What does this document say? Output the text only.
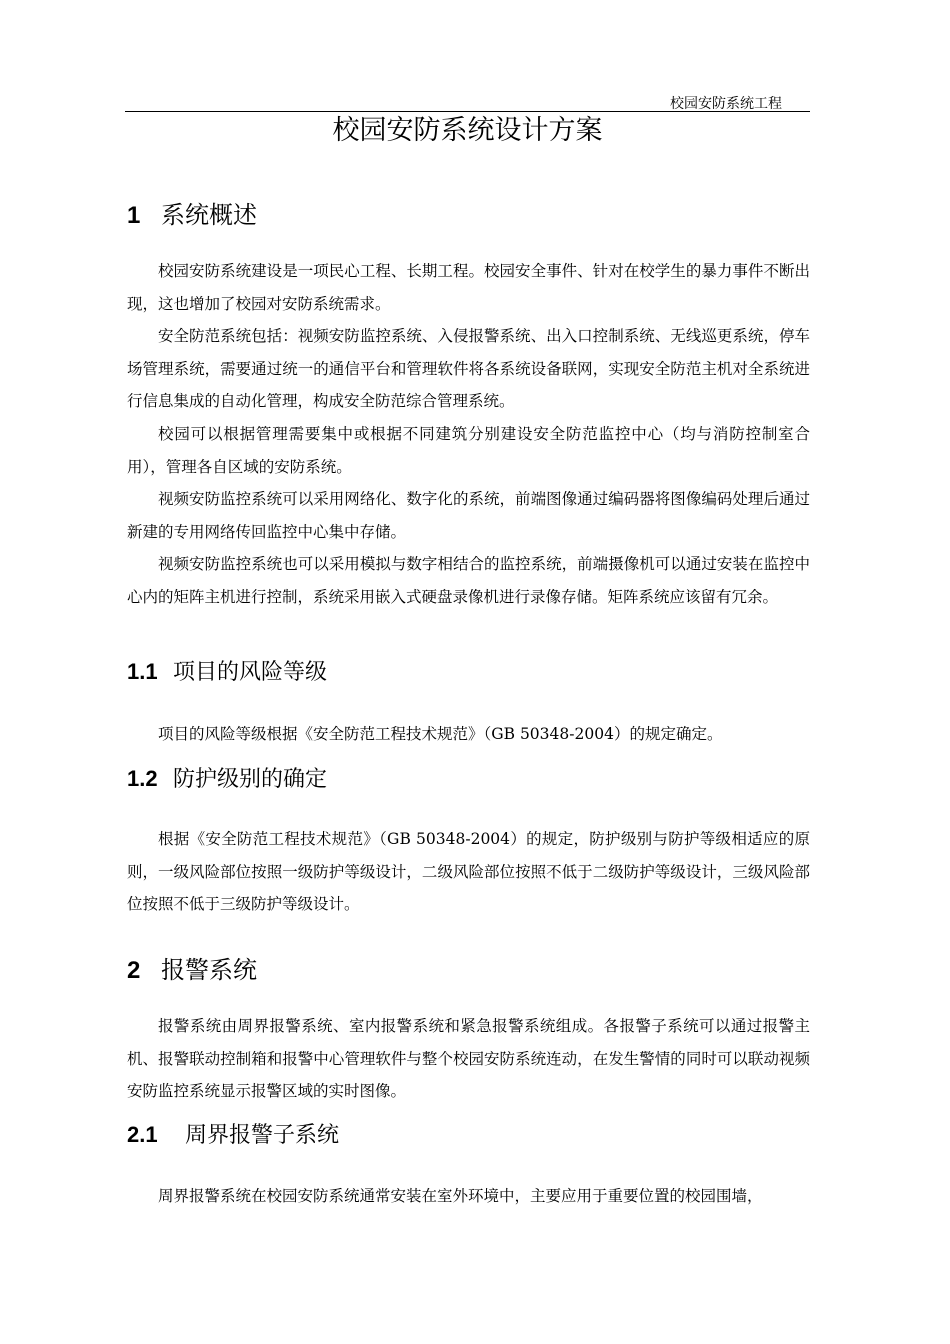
校园安防系统工程
校园安防系统设计方案
1 系统概述
校园安防系统建设是一项民心工程、长期工程。校园安全事件、针对在校学生的暴力事件不断出现，这也增加了校园对安防系统需求。
安全防范系统包括：视频安防监控系统、入侵报警系统、出入口控制系统、无线巡更系统，停车场管理系统，需要通过统一的通信平台和管理软件将各系统设备联网，实现安全防范主机对全系统进行信息集成的自动化管理，构成安全防范综合管理系统。
校园可以根据管理需要集中或根据不同建筑分别建设安全防范监控中心（均与消防控制室合用），管理各自区域的安防系统。
视频安防监控系统可以采用网络化、数字化的系统，前端图像通过编码器将图像编码处理后通过新建的专用网络传回监控中心集中存储。
视频安防监控系统也可以采用模拟与数字相结合的监控系统，前端摄像机可以通过安装在监控中心内的矩阵主机进行控制，系统采用嵌入式硬盘录像机进行录像存储。矩阵系统应该留有冗余。
1.1 项目的风险等级
项目的风险等级根据《安全防范工程技术规范》（GB 50348-2004）的规定确定。
1.2 防护级别的确定
根据《安全防范工程技术规范》（GB 50348-2004）的规定，防护级别与防护等级相适应的原则，一级风险部位按照一级防护等级设计，二级风险部位按照不低于二级防护等级设计，三级风险部位按照不低于三级防护等级设计。
2 报警系统
报警系统由周界报警系统、室内报警系统和紧急报警系统组成。各报警子系统可以通过报警主机、报警联动控制箱和报警中心管理软件与整个校园安防系统连动，在发生警情的同时可以联动视频安防监控系统显示报警区域的实时图像。
2.1 周界报警子系统
周界报警系统在校园安防系统通常安装在室外环境中，主要应用于重要位置的校园围墙，
